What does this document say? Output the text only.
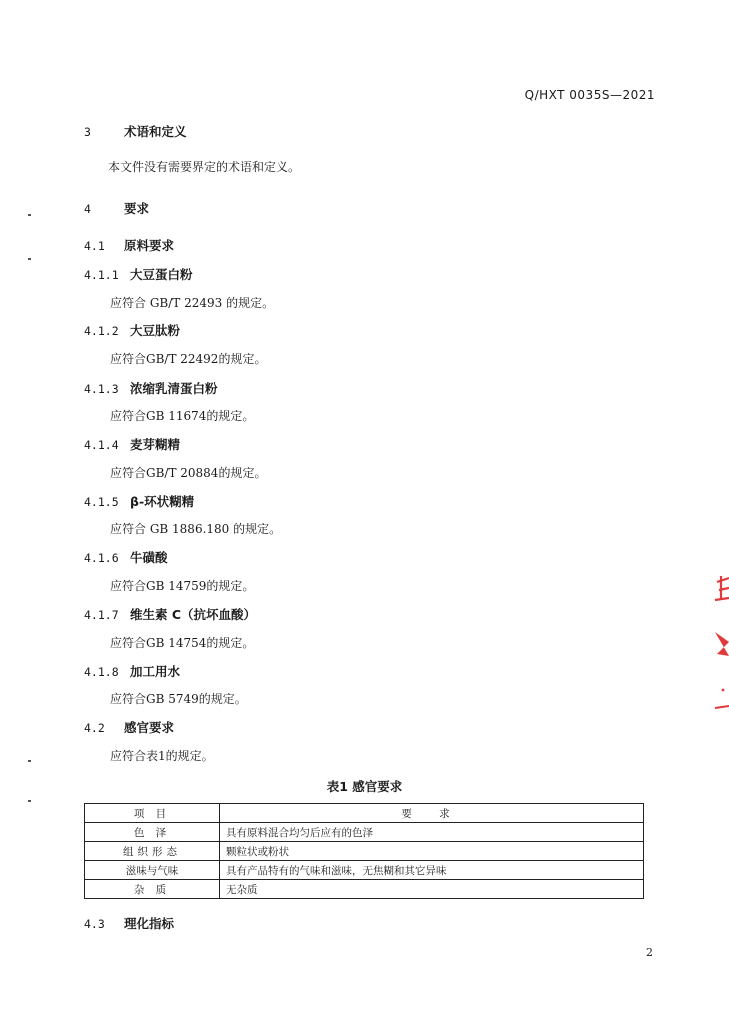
Q/HXT 0035S—2021
3	术语和定义
本文件没有需要界定的术语和定义。
4	要求
4.1 原料要求
4.1.1 大豆蛋白粉
应符合 GB/T 22493 的规定。
4.1.2 大豆肽粉
应符合GB/T 22492的规定。
4.1.3 浓缩乳清蛋白粉
应符合GB 11674的规定。
4.1.4 麦芽糊精
应符合GB/T 20884的规定。
4.1.5 β-环状糊精
应符合 GB 1886.180 的规定。
4.1.6 牛磺酸
应符合GB 14759的规定。
4.1.7 维生素 C（抗坏血酸）
应符合GB 14754的规定。
4.1.8 加工用水
应符合GB 5749的规定。
4.2 感官要求
应符合表1的规定。
表1 感官要求
项 目	要 求
色 泽	具有原料混合均匀后应有的色泽
组织形态	颗粒状或粉状
滋味与气味	具有产品特有的气味和滋味，无焦糊和其它异味
杂 质	无杂质
4.3 理化指标
2
